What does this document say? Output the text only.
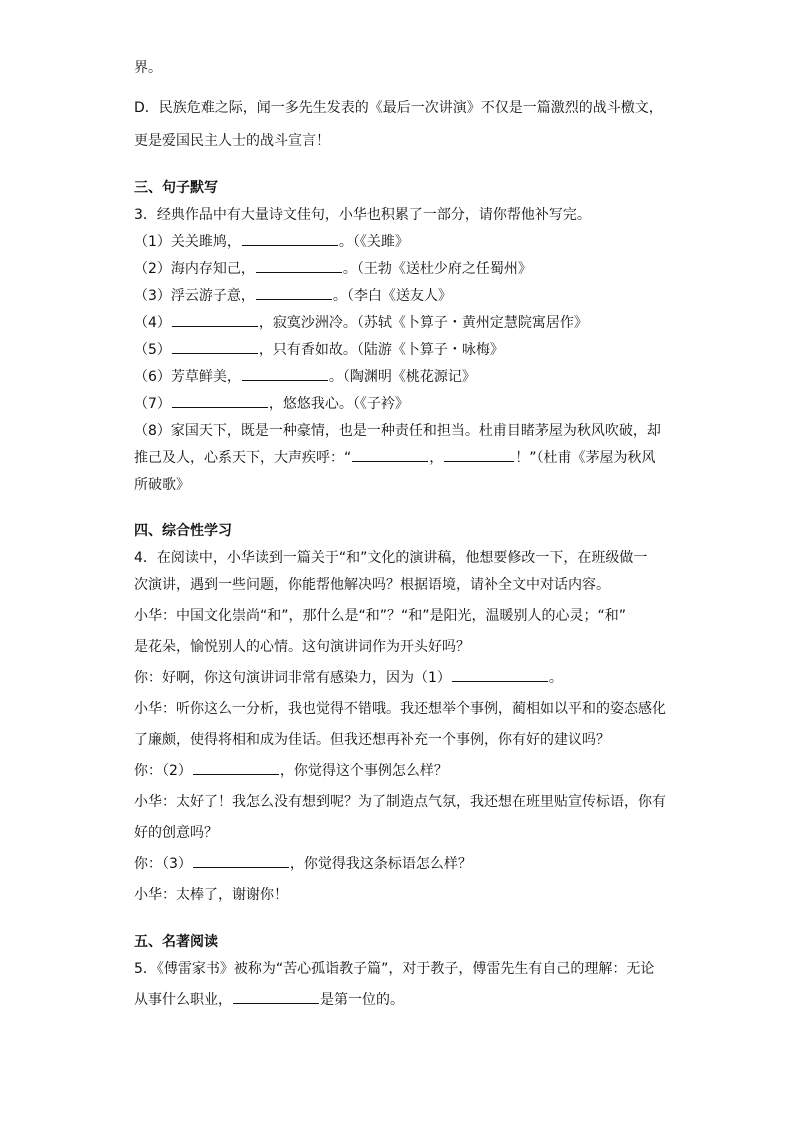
界。
D．民族危难之际，闻一多先生发表的《最后一次讲演》不仅是一篇激烈的战斗檄文，
更是爱国民主人士的战斗宣言！
三、句子默写
3．经典作品中有大量诗文佳句，小华也积累了一部分，请你帮他补写完。
（1）关关雎鸠，	。（《关雎》
（2）海内存知己，	。（王勃《送杜少府之任蜀州》
（3）浮云游子意，	。（李白《送友人》
（4）	，寂寞沙洲冷。（苏轼《卜算子・黄州定慧院寓居作》
（5）	，只有香如故。（陆游《卜算子・咏梅》
（6）芳草鲜美，	。（陶渊明《桃花源记》
（7）	，悠悠我心。（《子衿》
（8）家国天下，既是一种豪情，也是一种责任和担当。杜甫目睹茅屋为秋风吹破，却
推己及人，心系天下，大声疾呼：“	，	！”（杜甫《茅屋为秋风
所破歌》
四、综合性学习
4．在阅读中，小华读到一篇关于“和”文化的演讲稿，他想要修改一下，在班级做一
次演讲，遇到一些问题，你能帮他解决吗？根据语境，请补全文中对话内容。
小华：中国文化崇尚“和”，那什么是“和”？“和”是阳光，温暖别人的心灵；“和”
是花朵，愉悦别人的心情。这句演讲词作为开头好吗？
你：好啊，你这句演讲词非常有感染力，因为（1）	。
小华：听你这么一分析，我也觉得不错哦。我还想举个事例，蔺相如以平和的姿态感化
了廉颇，使得将相和成为佳话。但我还想再补充一个事例，你有好的建议吗？
你：（2）	，你觉得这个事例怎么样？
小华：太好了！我怎么没有想到呢？为了制造点气氛，我还想在班里贴宣传标语，你有
好的创意吗？
你：（3）	，你觉得我这条标语怎么样？
小华：太棒了，谢谢你！
五、名著阅读
5．《傅雷家书》被称为“苦心孤诣教子篇”，对于教子，傅雷先生有自己的理解：无论
从事什么职业，	是第一位的。
